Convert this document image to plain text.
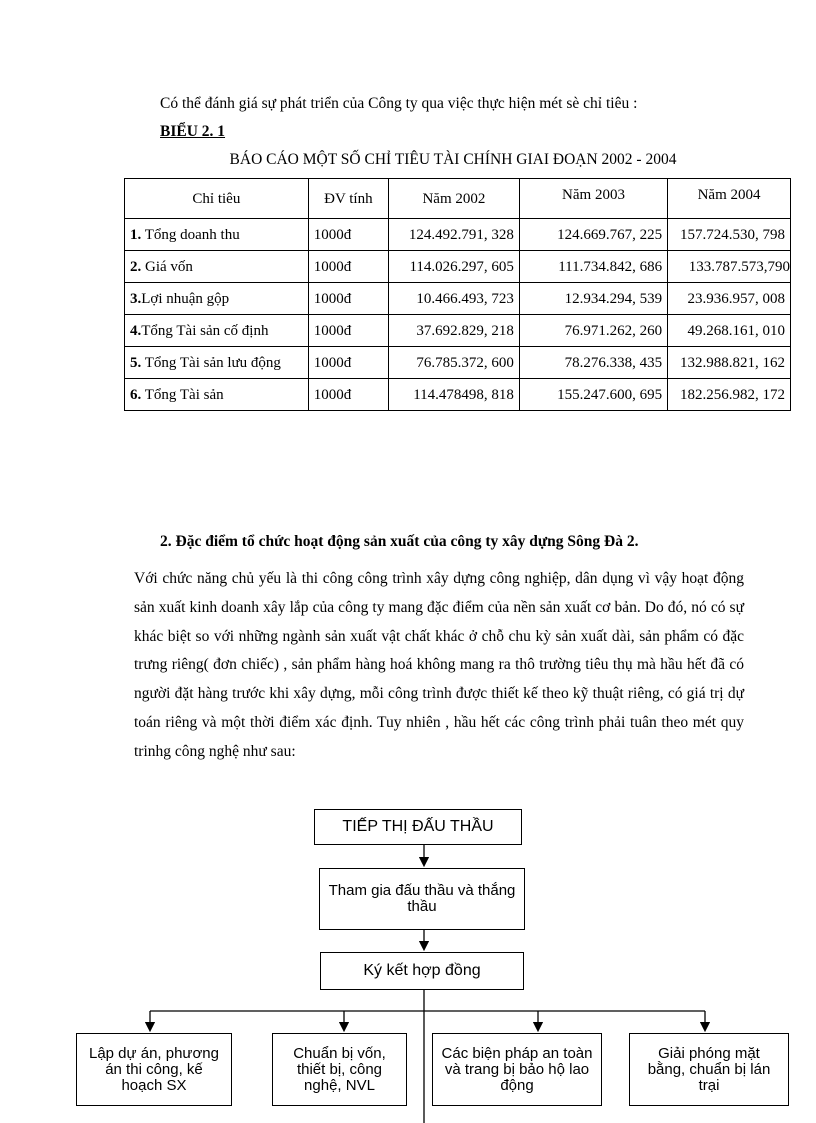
Có thể đánh giá sự phát triển của Công ty qua việc thực hiện mét sè chỉ tiêu :
BIỂU 2. 1
BÁO CÁO MỘT SỐ CHỈ TIÊU TÀI CHÍNH GIAI ĐOẠN 2002 - 2004
Chỉ tiêu	ĐV tính	Năm 2002	Năm 2003	Năm 2004
1. Tổng doanh thu	1000đ	124.492.791, 328	124.669.767, 225	157.724.530, 798
2. Giá vốn	1000đ	114.026.297, 605	111.734.842, 686	133.787.573,790
3.Lợi nhuận gộp	1000đ	10.466.493, 723	12.934.294, 539	23.936.957, 008
4.Tổng Tài sản cố định	1000đ	37.692.829, 218	76.971.262, 260	49.268.161, 010
5. Tổng Tài sản lưu động	1000đ	76.785.372, 600	78.276.338, 435	132.988.821, 162
6. Tổng Tài sản	1000đ	114.478498, 818	155.247.600, 695	182.256.982, 172
2. Đặc điểm tổ chức hoạt động sản xuất của công ty xây dựng Sông Đà 2.
Với chức năng chủ yếu là thi công công trình xây dựng công nghiệp, dân dụng vì vậy hoạt động sản xuất kinh doanh xây lắp của công ty mang đặc điểm của nền sản xuất cơ bản. Do đó, nó có sự khác biệt so với những ngành sản xuất vật chất khác ở chỗ chu kỳ sản xuất dài, sản phẩm có đặc trưng riêng( đơn chiếc) , sản phẩm hàng hoá không mang ra thô trường tiêu thụ mà hầu hết đã có người đặt hàng trước khi xây dựng, mỗi công trình được thiết kế theo kỹ thuật riêng, có giá trị dự toán riêng và một thời điểm xác định. Tuy nhiên , hầu hết các công trình phải tuân theo mét quy trinhg công nghệ như sau:
TIẾP THỊ ĐẤU THẦU
Tham gia đấu thầu và thắng thầu
Ký kết hợp đồng
Lập dự án, phương án thi công, kế hoạch SX
Chuẩn bị vốn, thiết bị, công nghệ, NVL
Các biện pháp an toàn và trang bị bảo hộ lao động
Giải phóng mặt bằng, chuẩn bị lán trại
